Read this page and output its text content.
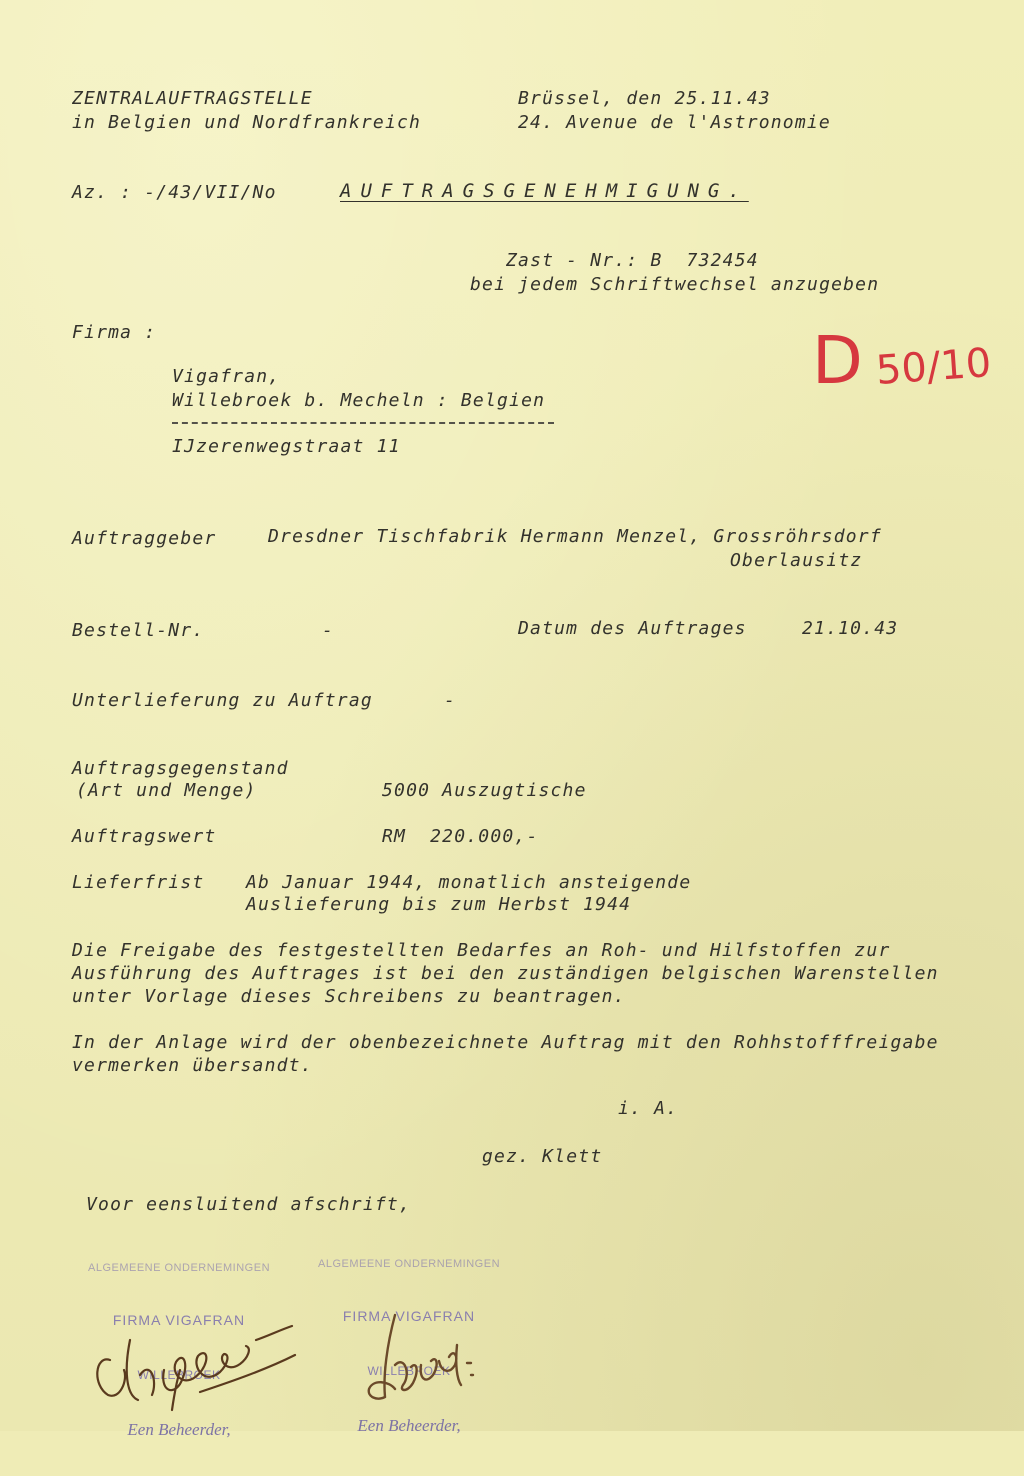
ZENTRALAUFTRAGSTELLE
in Belgien und Nordfrankreich
Brüssel, den 25.11.43
24. Avenue de l'Astronomie
Az. : -/43/VII/No	AUFTRAGSGENEHMIGUNG.
Zast - Nr.: B  732454
bei jedem Schriftwechsel anzugeben
Firma :
Vigafran,
Willebroek b. Mecheln : Belgien
IJzerenwegstraat 11
D 50/10
Auftraggeber	Dresdner Tischfabrik Hermann Menzel, Grossröhrsdorf
Oberlausitz
Bestell-Nr.	-	Datum des Auftrages	21.10.43
Unterlieferung zu Auftrag	-
Auftragsgegenstand
(Art und Menge)	5000 Auszugtische
Auftragswert	RM  220.000,-
Lieferfrist Ab Januar 1944, monatlich ansteigende
Auslieferung bis zum Herbst 1944
Die Freigabe des festgestellten Bedarfes an Roh- und Hilfstoffen zur
Ausführung des Auftrages ist bei den zuständigen belgischen Warenstellen
unter Vorlage dieses Schreibens zu beantragen.
In der Anlage wird der obenbezeichnete Auftrag mit den Rohhstofffreigabe
vermerken übersandt.
i. A.
gez. Klett
Voor eensluitend afschrift,

ALGEMEENE ONDERNEMINGEN

FIRMA VIGAFRAN

WILLEBROEK

Een Beheerder,

ALGEMEENE ONDERNEMINGEN

FIRMA VIGAFRAN

WILLEBROEK

Een Beheerder,
